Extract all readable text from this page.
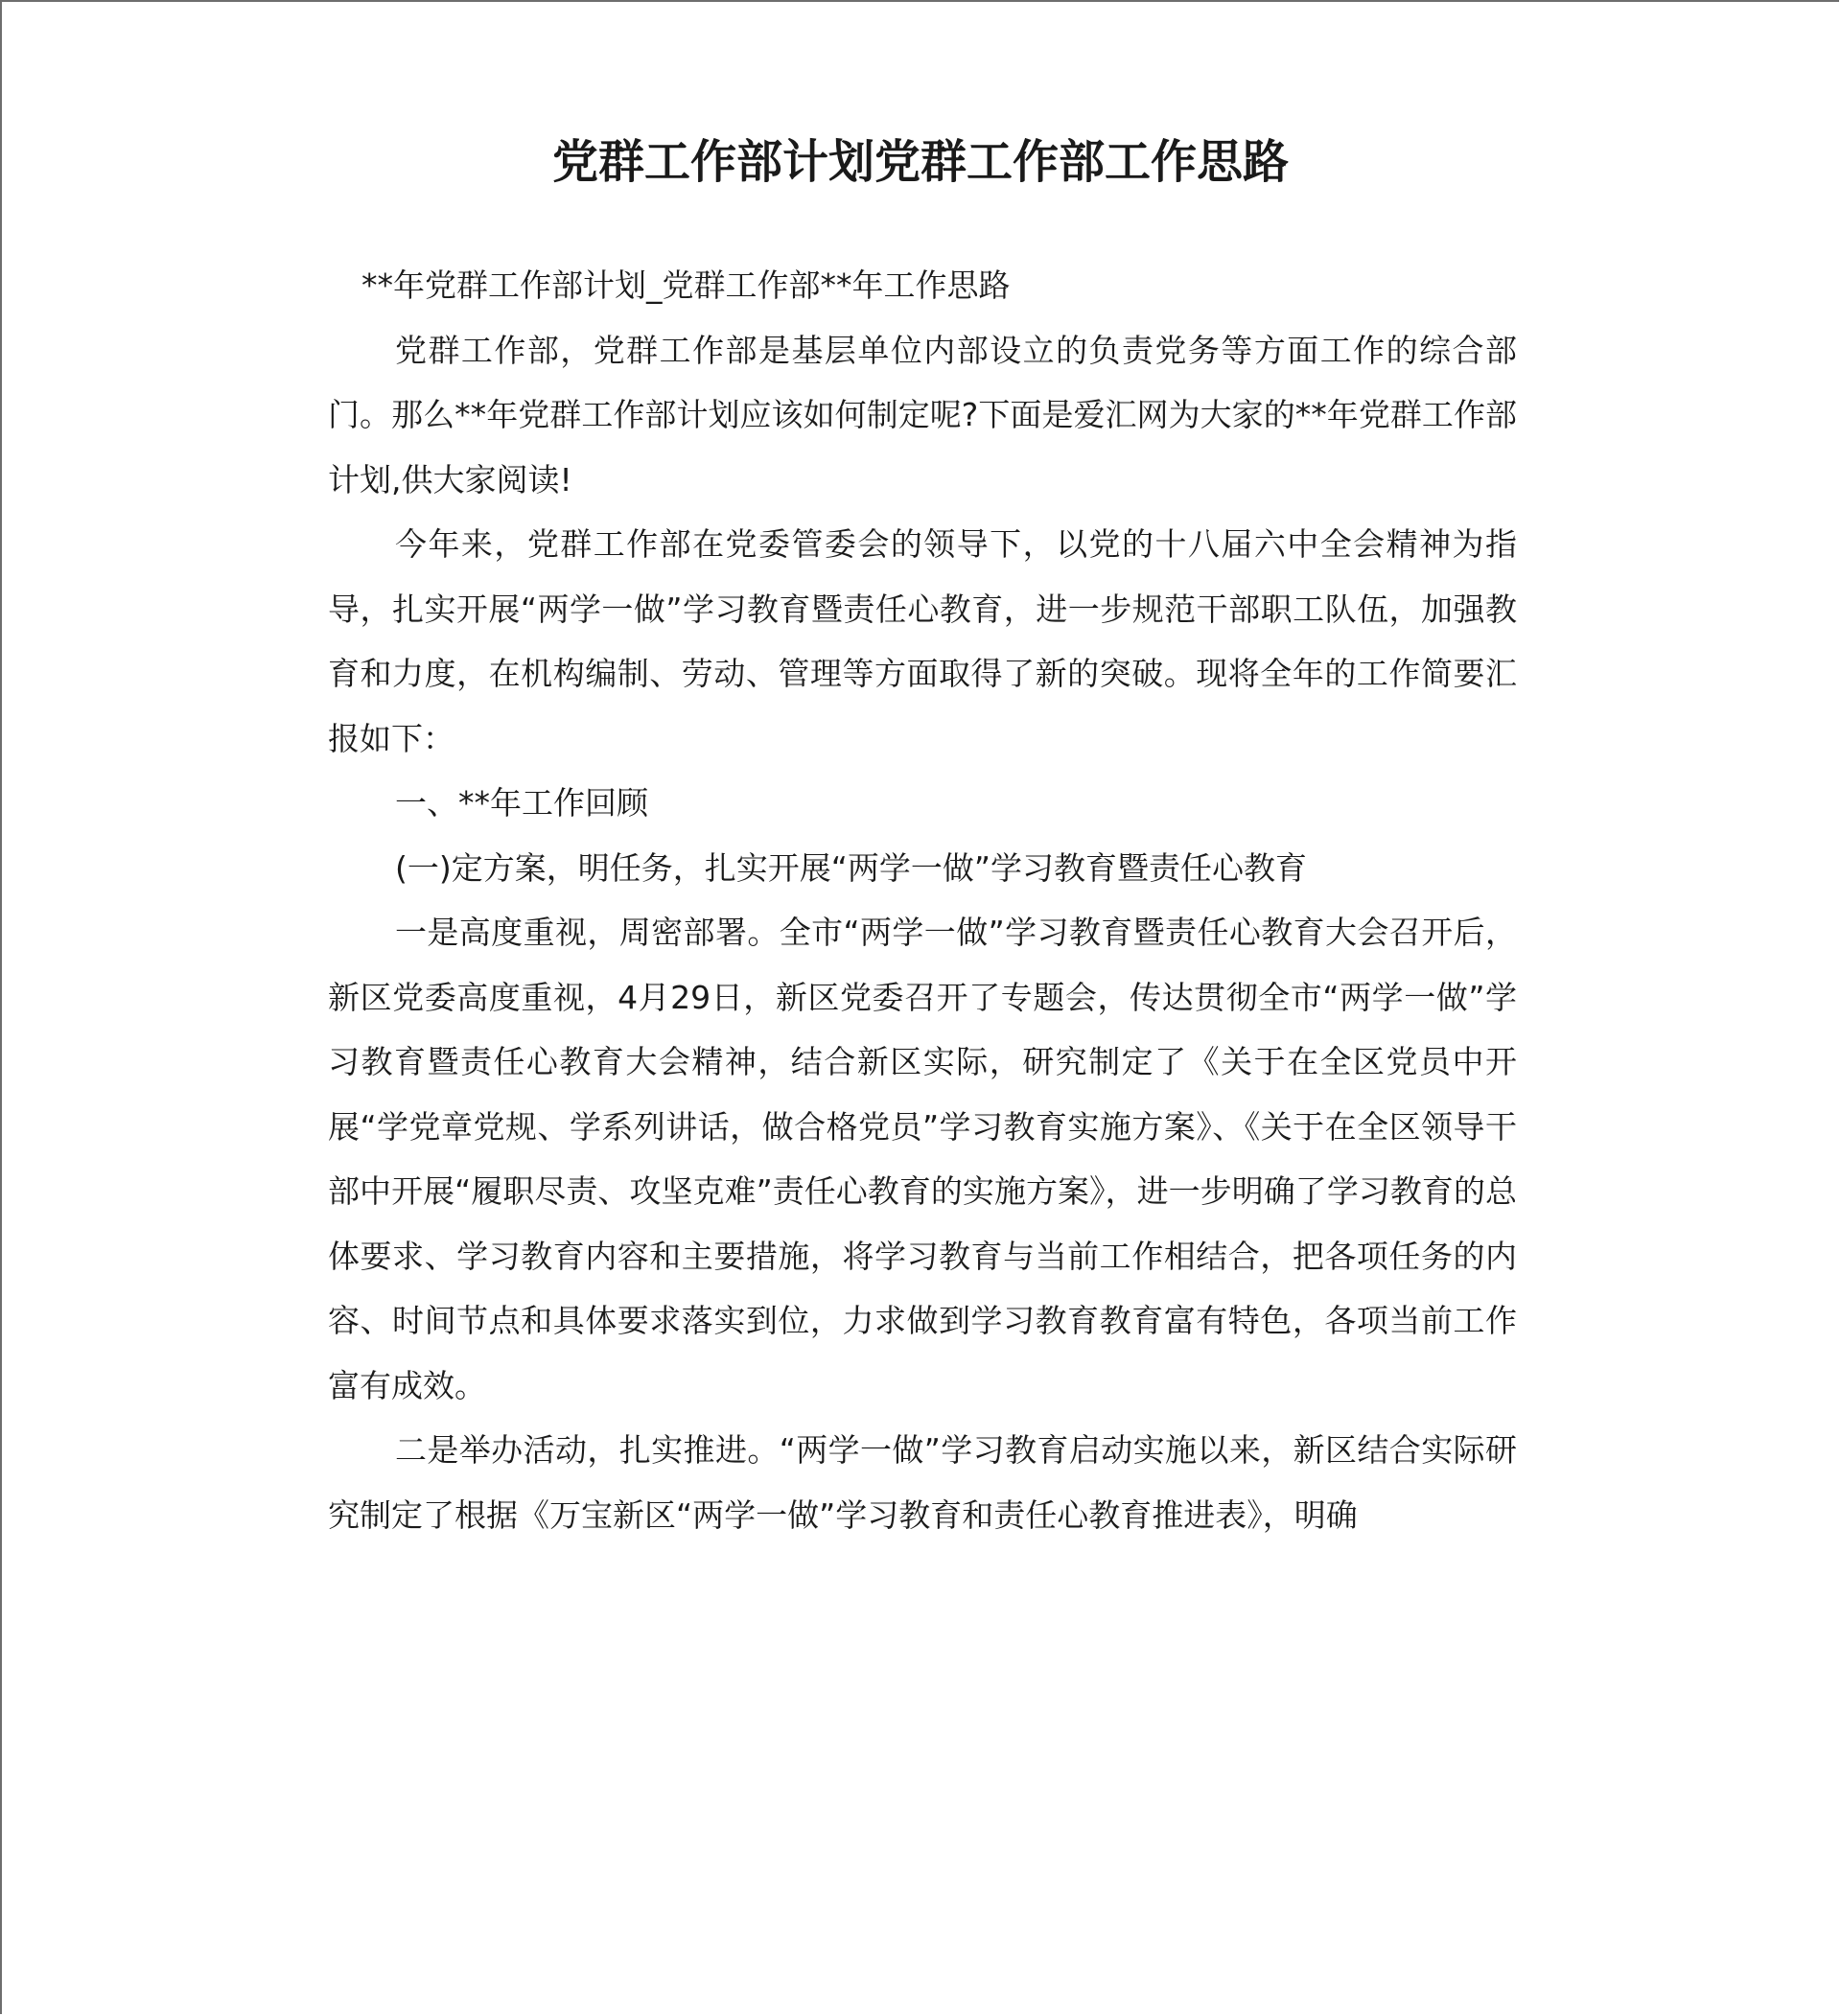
党群工作部计划党群工作部工作思路

**年党群工作部计划_党群工作部**年工作思路

党群工作部，党群工作部是基层单位内部设立的负责党务等方面工作的综合部门。那么**年党群工作部计划应该如何制定呢?下面是爱汇网为大家的**年党群工作部计划,供大家阅读!

今年来，党群工作部在党委管委会的领导下，以党的十八届六中全会精神为指导，扎实开展“两学一做”学习教育暨责任心教育，进一步规范干部职工队伍，加强教育和力度，在机构编制、劳动、管理等方面取得了新的突破。现将全年的工作简要汇报如下：

一、**年工作回顾

(一)定方案，明任务，扎实开展“两学一做”学习教育暨责任心教育

一是高度重视，周密部署。全市“两学一做”学习教育暨责任心教育大会召开后，新区党委高度重视，4月29日，新区党委召开了专题会，传达贯彻全市“两学一做”学习教育暨责任心教育大会精神，结合新区实际，研究制定了《关于在全区党员中开展“学党章党规、学系列讲话，做合格党员”学习教育实施方案》、《关于在全区领导干部中开展“履职尽责、攻坚克难”责任心教育的实施方案》，进一步明确了学习教育的总体要求、学习教育内容和主要措施，将学习教育与当前工作相结合，把各项任务的内容、时间节点和具体要求落实到位，力求做到学习教育教育富有特色，各项当前工作富有成效。

二是举办活动，扎实推进。“两学一做”学习教育启动实施以来，新区结合实际研究制定了根据《万宝新区“两学一做”学习教育和责任心教育推进表》，明确
